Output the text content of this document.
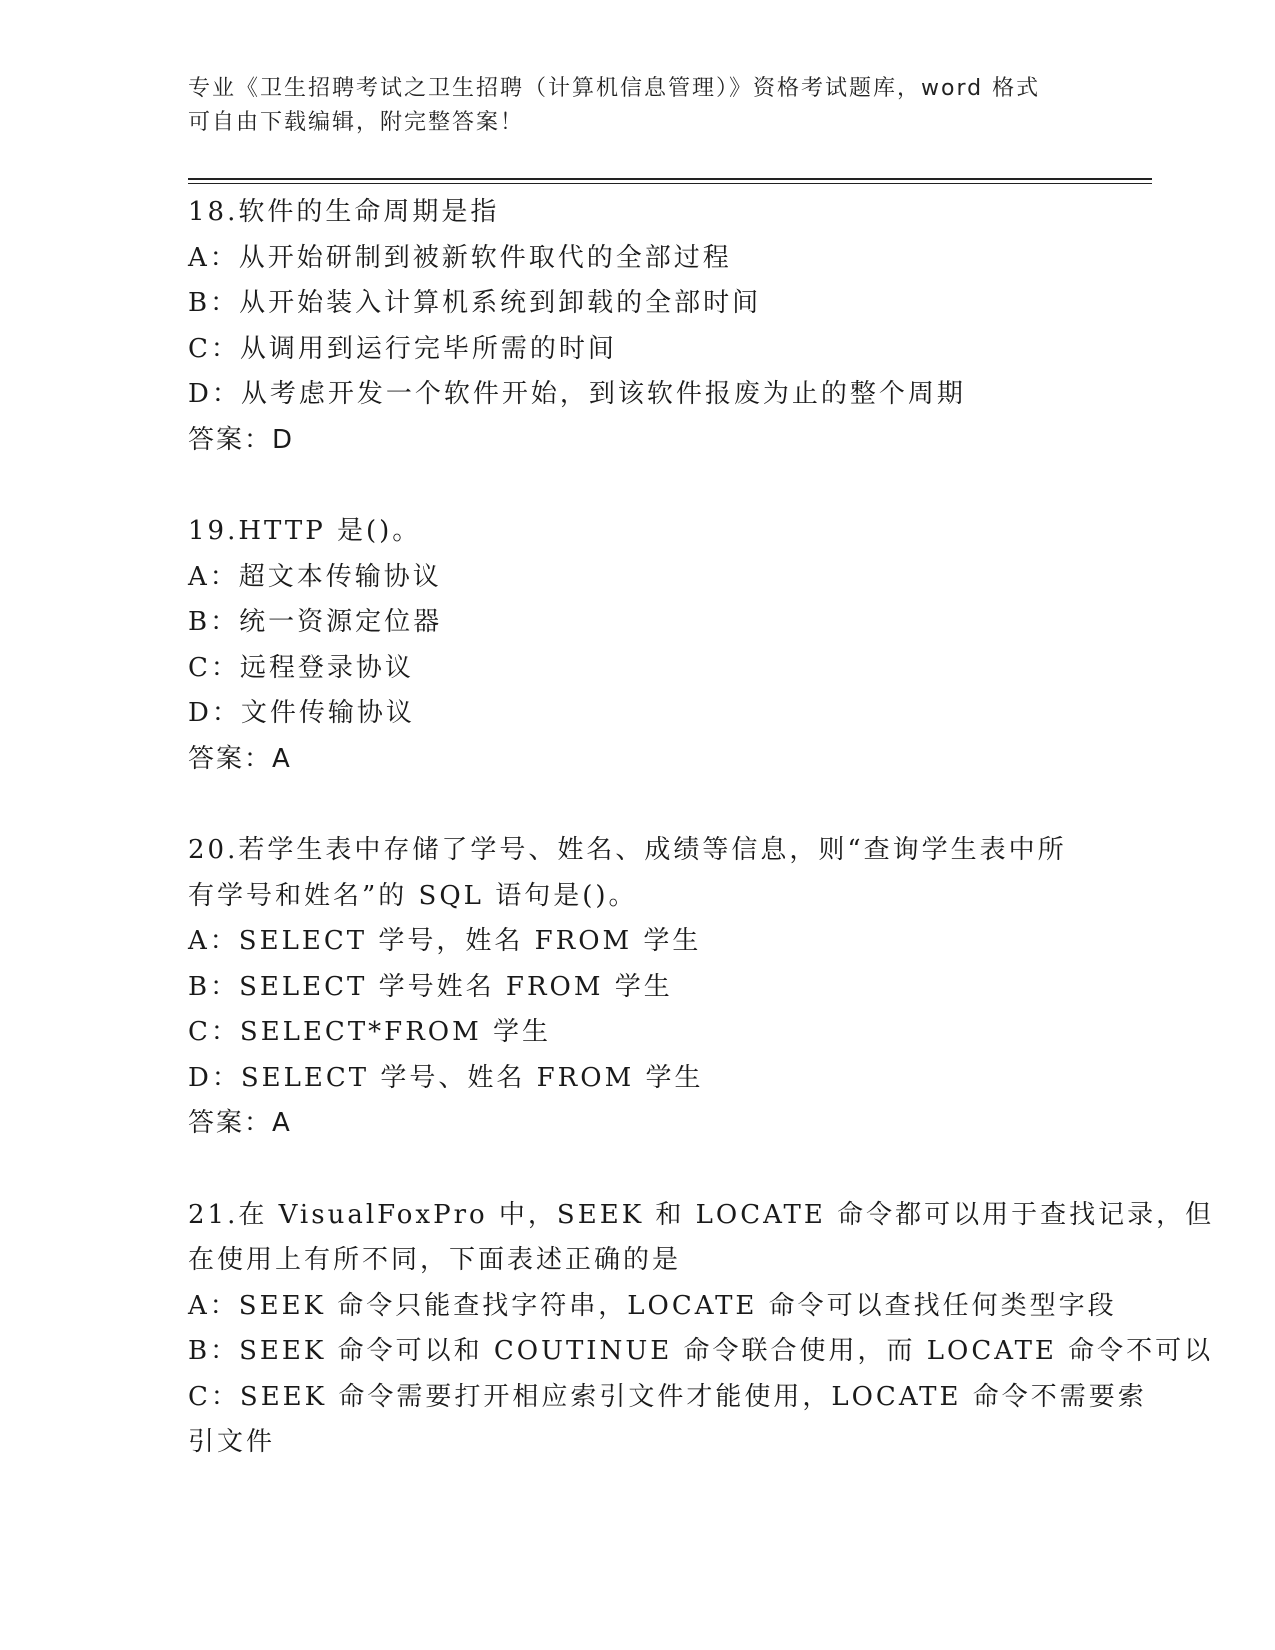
专业《卫生招聘考试之卫生招聘（计算机信息管理）》资格考试题库，word 格式
可自由下载编辑，附完整答案！
18.软件的生命周期是指
A：从开始研制到被新软件取代的全部过程
B：从开始装入计算机系统到卸载的全部时间
C：从调用到运行完毕所需的时间
D：从考虑开发一个软件开始，到该软件报废为止的整个周期
答案：D
19.HTTP 是()。
A：超文本传输协议
B：统一资源定位器
C：远程登录协议
D：文件传输协议
答案：A
20.若学生表中存储了学号、姓名、成绩等信息，则“查询学生表中所
有学号和姓名”的 SQL 语句是()。
A：SELECT 学号，姓名 FROM 学生
B：SELECT 学号姓名 FROM 学生
C：SELECT*FROM 学生
D：SELECT 学号、姓名 FROM 学生
答案：A
21.在 VisualFoxPro 中，SEEK 和 LOCATE 命令都可以用于查找记录，但
在使用上有所不同，下面表述正确的是
A：SEEK 命令只能查找字符串，LOCATE 命令可以查找任何类型字段
B：SEEK 命令可以和 COUTINUE 命令联合使用，而 LOCATE 命令不可以
C：SEEK 命令需要打开相应索引文件才能使用，LOCATE 命令不需要索
引文件
